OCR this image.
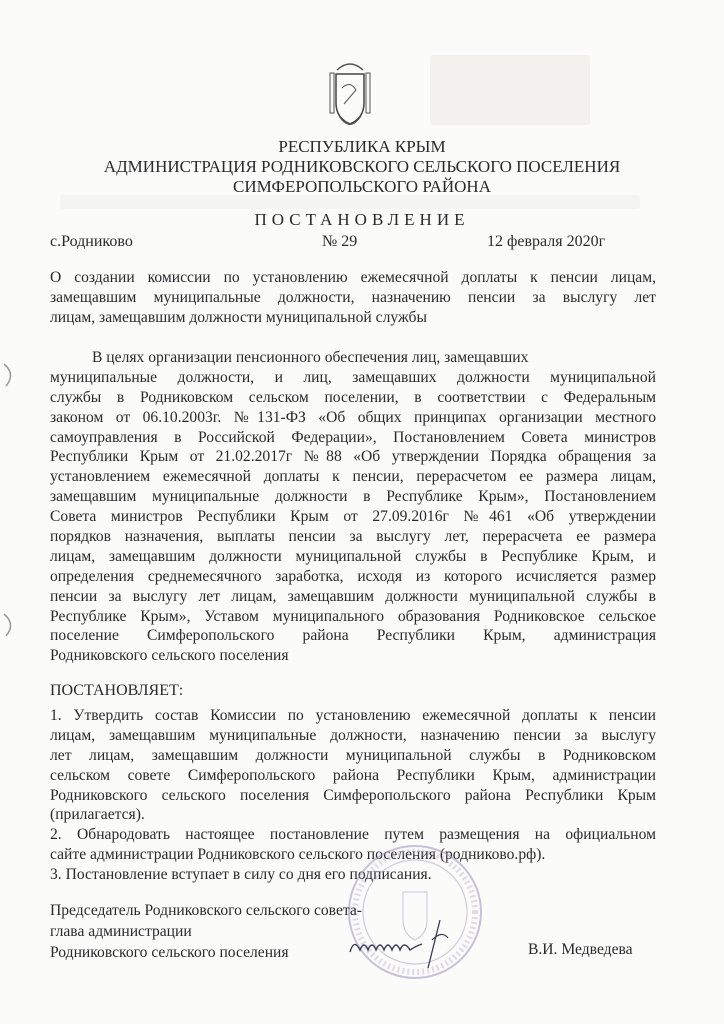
РЕСПУБЛИКА КРЫМ
АДМИНИСТРАЦИЯ РОДНИКОВСКОГО СЕЛЬСКОГО ПОСЕЛЕНИЯ
СИМФЕРОПОЛЬСКОГО РАЙОНА
ПОСТАНОВЛЕНИЕ
с.Родниково	№ 29	12 февраля 2020г
О создании комиссии по установлению ежемесячной доплаты к пенсии лицам,
замещавшим муниципальные должности, назначению пенсии за выслугу лет
лицам, замещавшим должности муниципальной службы
В целях организации пенсионного обеспечения лиц, замещавших
муниципальные должности, и лиц, замещавших должности муниципальной
службы в Родниковском сельском поселении, в соответствии с Федеральным
законом от 06.10.2003г. №131-ФЗ «Об общих принципах организации местного
самоуправления в Российской Федерации», Постановлением Совета министров
Республики Крым от 21.02.2017г №88 «Об утверждении Порядка обращения за
установлением ежемесячной доплаты к пенсии, перерасчетом ее размера лицам,
замещавшим муниципальные должности в Республике Крым», Постановлением
Совета министров Республики Крым от 27.09.2016г №461 «Об утверждении
порядков назначения, выплаты пенсии за выслугу лет, перерасчета ее размера
лицам, замещавшим должности муниципальной службы в Республике Крым, и
определения среднемесячного заработка, исходя из которого исчисляется размер
пенсии за выслугу лет лицам, замещавшим должности муниципальной службы в
Республике Крым», Уставом муниципального образования Родниковское сельское
поселение Симферопольского района Республики Крым, администрация
Родниковского сельского поселения
ПОСТАНОВЛЯЕТ:
1. Утвердить состав Комиссии по установлению ежемесячной доплаты к пенсии
лицам, замещавшим муниципальные должности, назначению пенсии за выслугу
лет лицам, замещавшим должности муниципальной службы в Родниковском
сельском совете Симферопольского района Республики Крым, администрации
Родниковского сельского поселения Симферопольского района Республики Крым
(прилагается).
2. Обнародовать настоящее постановление путем размещения на официальном
сайте администрации Родниковского сельского поселения (родниково.рф).
3. Постановление вступает в силу со дня его подписания.
Председатель Родниковского сельского совета-
глава администрации
Родниковского сельского поселения	В.И. Медведева
